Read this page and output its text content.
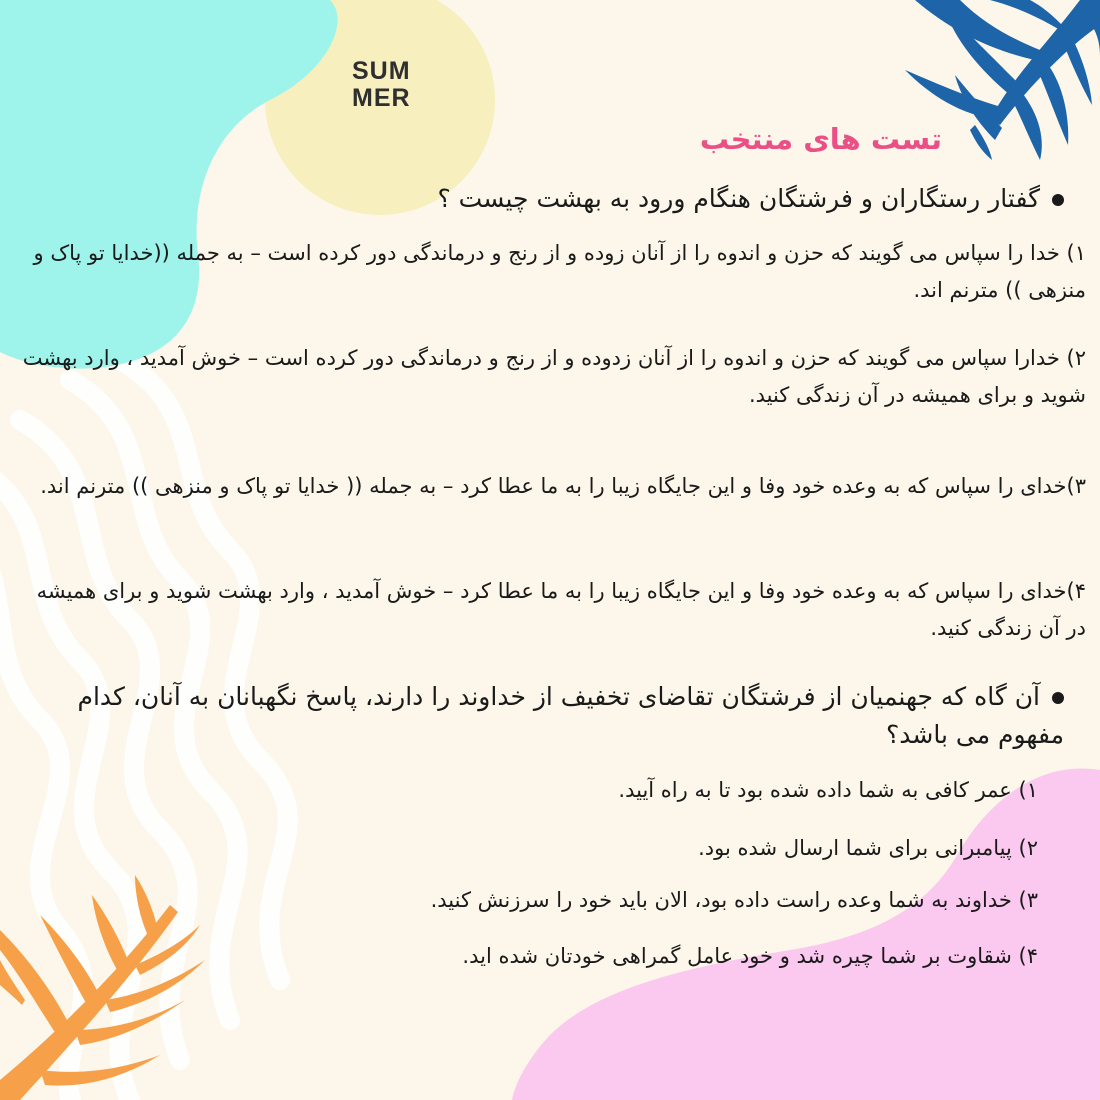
SUM
MER
تست های منتخب
گفتار رستگاران و فرشتگان هنگام ورود به بهشت چیست ؟
۱) خدا را سپاس می گویند که حزن و اندوه را از آنان زوده و از رنج و درماندگی دور کرده است – به جمله ((خدایا تو پاک و منزهی )) مترنم اند.
۲) خدارا سپاس می گویند که حزن و اندوه را از آنان زدوده و از رنج و درماندگی دور کرده است – خوش آمدید ، وارد بهشت شوید و برای همیشه در آن زندگی کنید.
۳)خدای را سپاس که به وعده خود وفا و این جایگاه زیبا را به ما عطا کرد – به جمله (( خدایا تو پاک و منزهی )) مترنم اند.
۴)خدای را سپاس که به وعده خود وفا و این جایگاه زیبا را به ما عطا کرد – خوش آمدید ، وارد بهشت شوید و برای همیشه در آن زندگی کنید.
آن گاه که جهنمیان از فرشتگان تقاضای تخفیف از خداوند را دارند، پاسخ نگهبانان به آنان، کدام مفهوم می باشد؟
۱) عمر کافی به شما داده شده بود تا به راه آیید.
۲) پیامبرانی برای شما ارسال شده بود.
۳) خداوند به شما وعده راست داده بود، الان باید خود را سرزنش کنید.
۴) شقاوت بر شما چیره شد و خود عامل گمراهی خودتان شده اید.
